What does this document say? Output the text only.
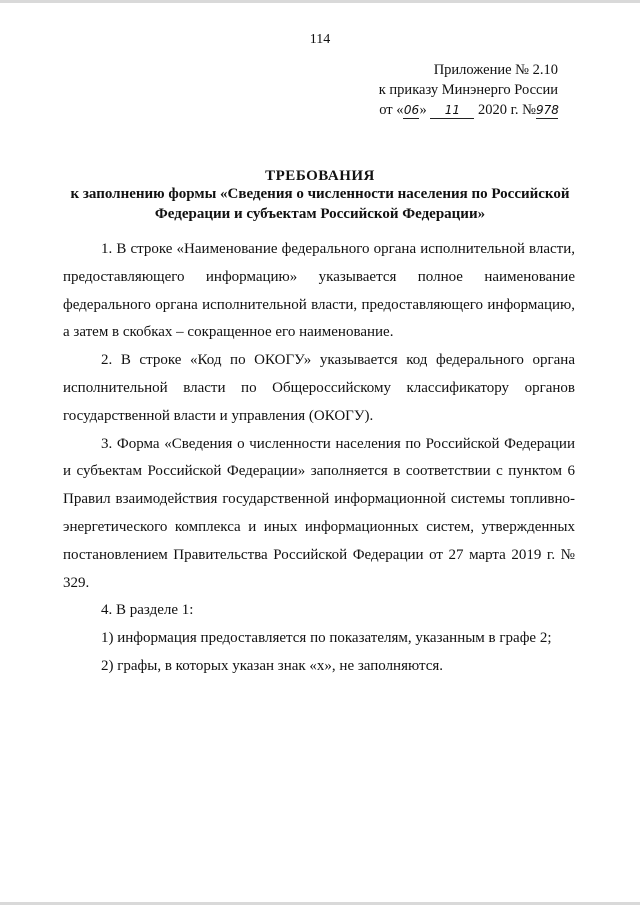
114
Приложение № 2.10
к приказу Минэнерго России
от «06» 11 2020 г. №978
ТРЕБОВАНИЯ
к заполнению формы «Сведения о численности населения по Российской Федерации и субъектам Российской Федерации»

1. В строке «Наименование федерального органа исполнительной власти, предоставляющего информацию» указывается полное наименование федерального органа исполнительной власти, предоставляющего информацию, а затем в скобках – сокращенное его наименование.

2. В строке «Код по ОКОГУ» указывается код федерального органа исполнительной власти по Общероссийскому классификатору органов государственной власти и управления (ОКОГУ).

3. Форма «Сведения о численности населения по Российской Федерации и субъектам Российской Федерации» заполняется в соответствии с пунктом 6 Правил взаимодействия государственной информационной системы топливно-энергетического комплекса и иных информационных систем, утвержденных постановлением Правительства Российской Федерации от 27 марта 2019 г. № 329.

4. В разделе 1:

1) информация предоставляется по показателям, указанным в графе 2;

2) графы, в которых указан знак «х», не заполняются.
